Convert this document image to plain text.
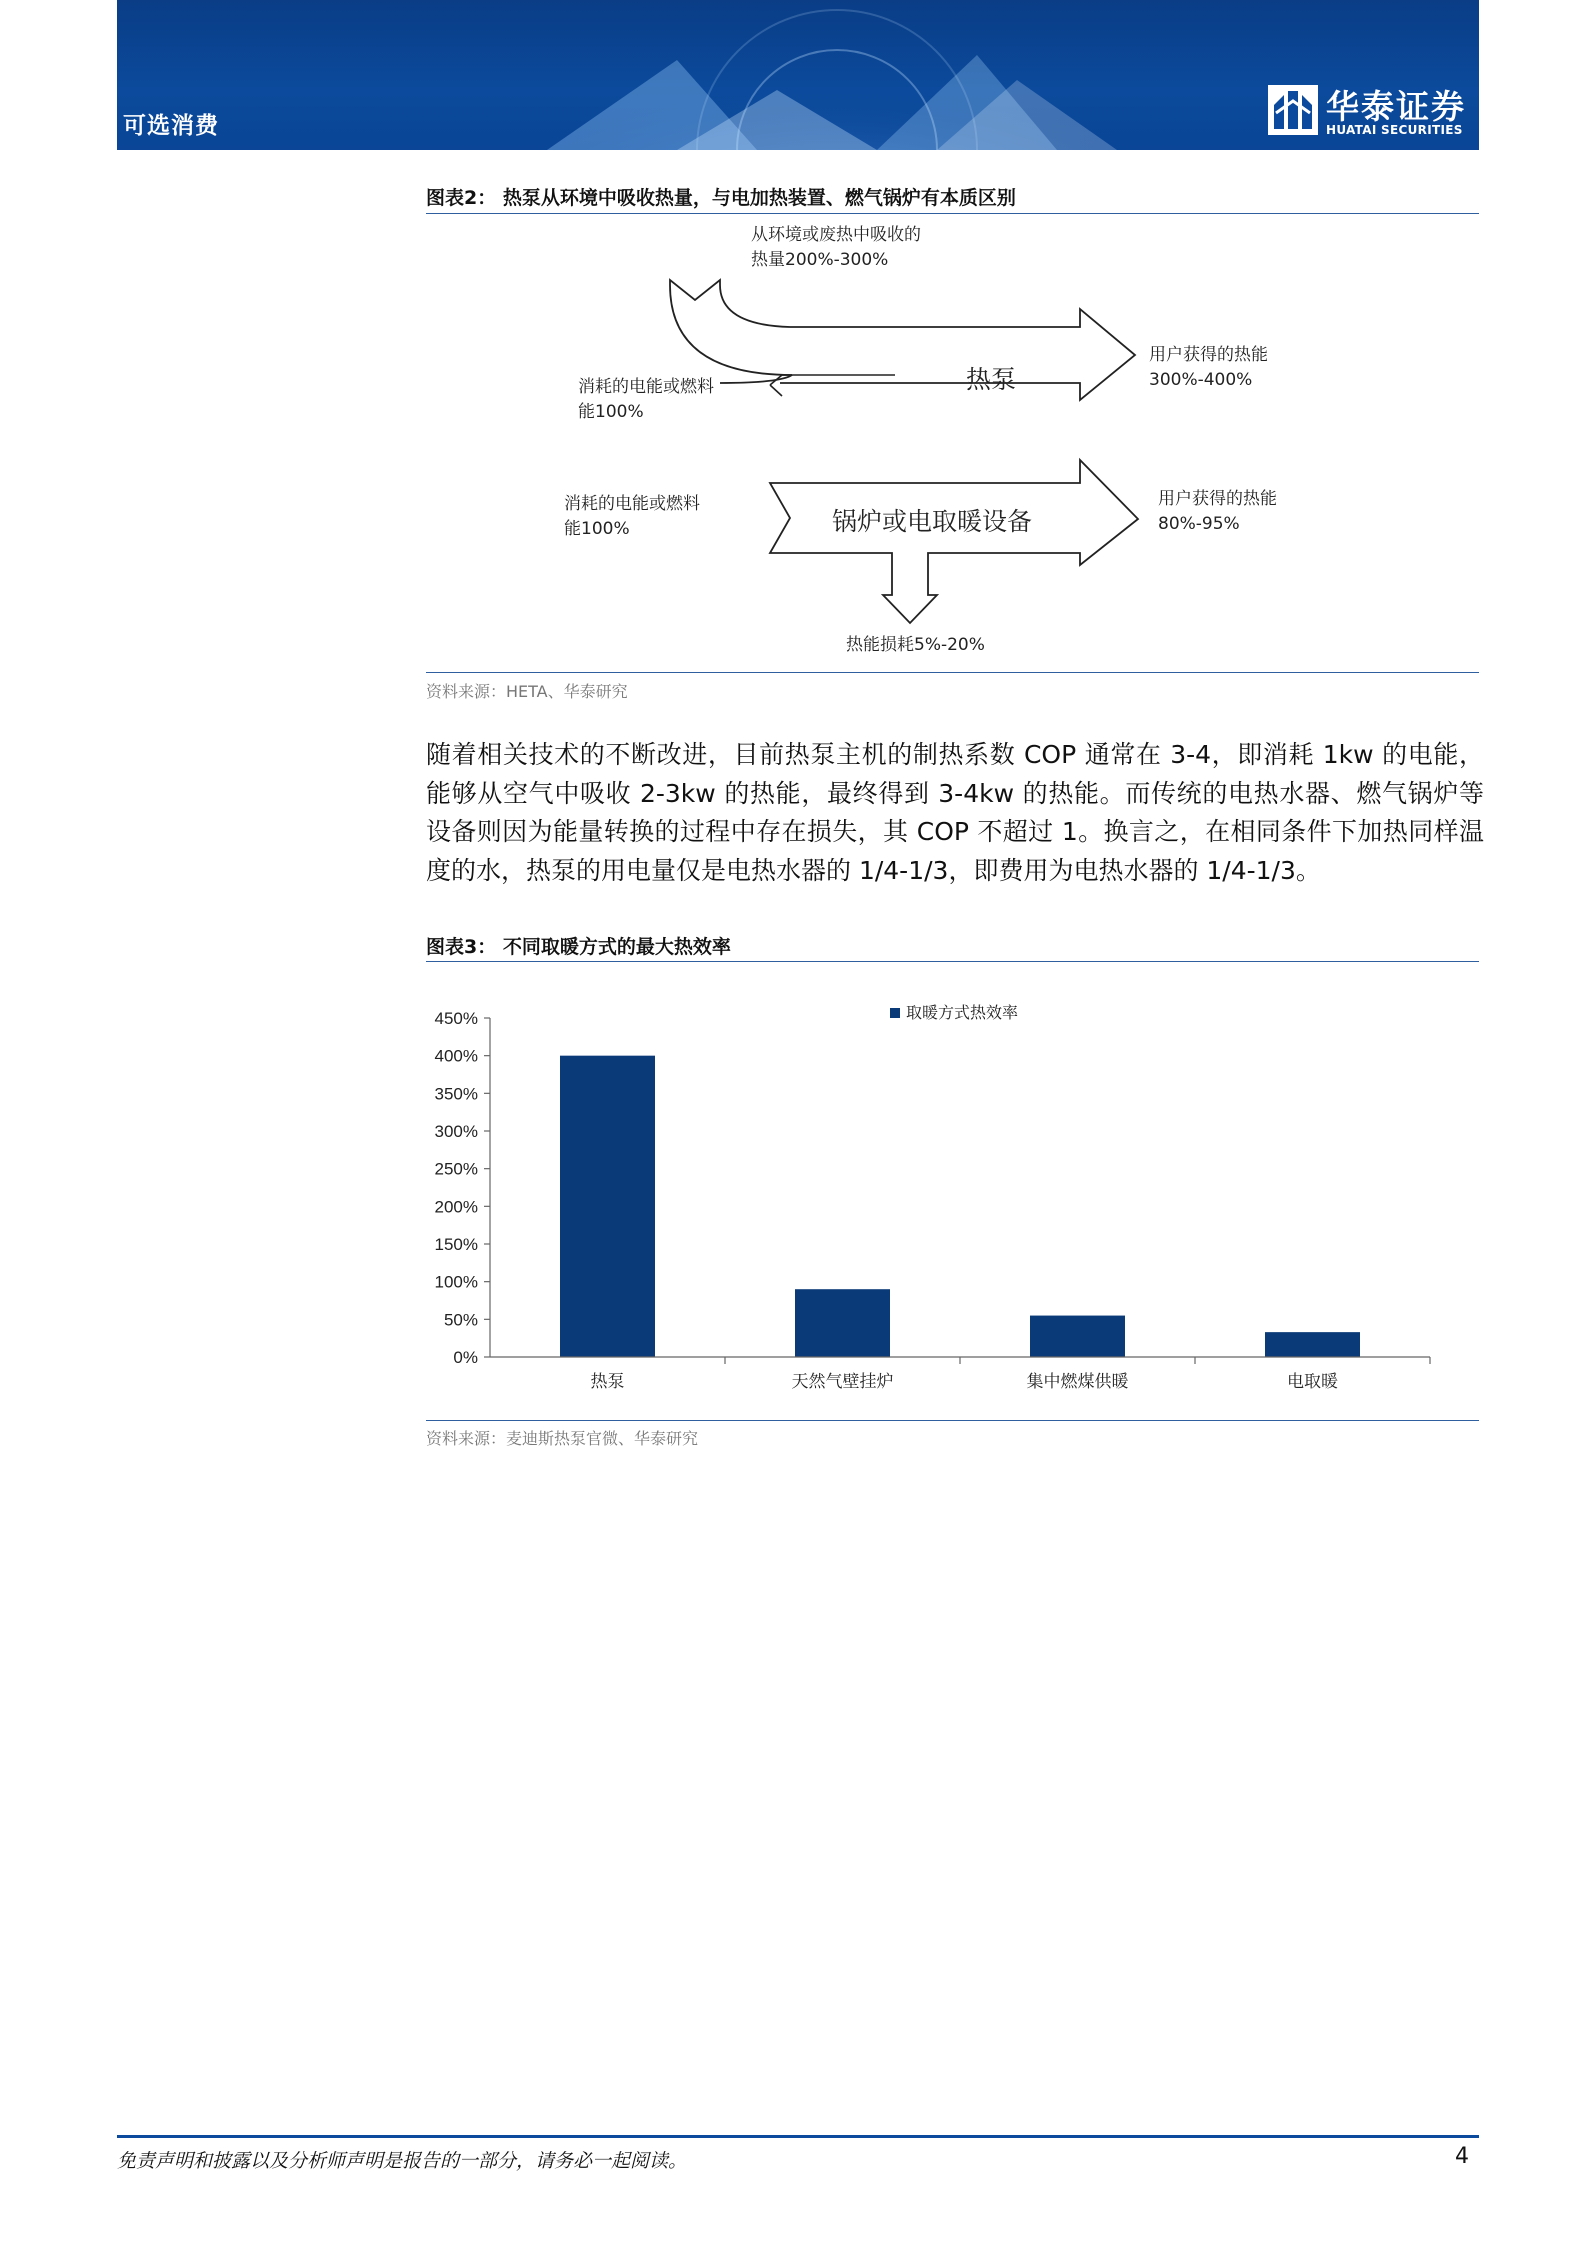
可选消费	华泰证券
HUATAI SECURITIES
图表2： 热泵从环境中吸收热量，与电加热装置、燃气锅炉有本质区别
从环境或废热中吸收的
热量200%-300%
热泵
消耗的电能或燃料
能100%
用户获得的热能
300%-400%
消耗的电能或燃料
能100%	锅炉或电取暖设备
用户获得的热能
80%-95%
热能损耗5%-20%
资料来源：HETA、华泰研究
随着相关技术的不断改进，目前热泵主机的制热系数 COP 通常在 3-4，即消耗 1kw 的电能，能够从空气中吸收 2-3kw 的热能，最终得到 3-4kw 的热能。而传统的电热水器、燃气锅炉等设备则因为能量转换的过程中存在损失，其 COP 不超过 1。换言之，在相同条件下加热同样温度的水，热泵的用电量仅是电热水器的 1/4-1/3，即费用为电热水器的 1/4-1/3。
图表3： 不同取暖方式的最大热效率
0%
50%
100%
150%
200%
250%
300%
350%
400%
450%
热泵	天然气壁挂炉	集中燃煤供暖	电取暖
取暖方式热效率
资料来源：麦迪斯热泵官微、华泰研究
免责声明和披露以及分析师声明是报告的一部分，请务必一起阅读。	4
